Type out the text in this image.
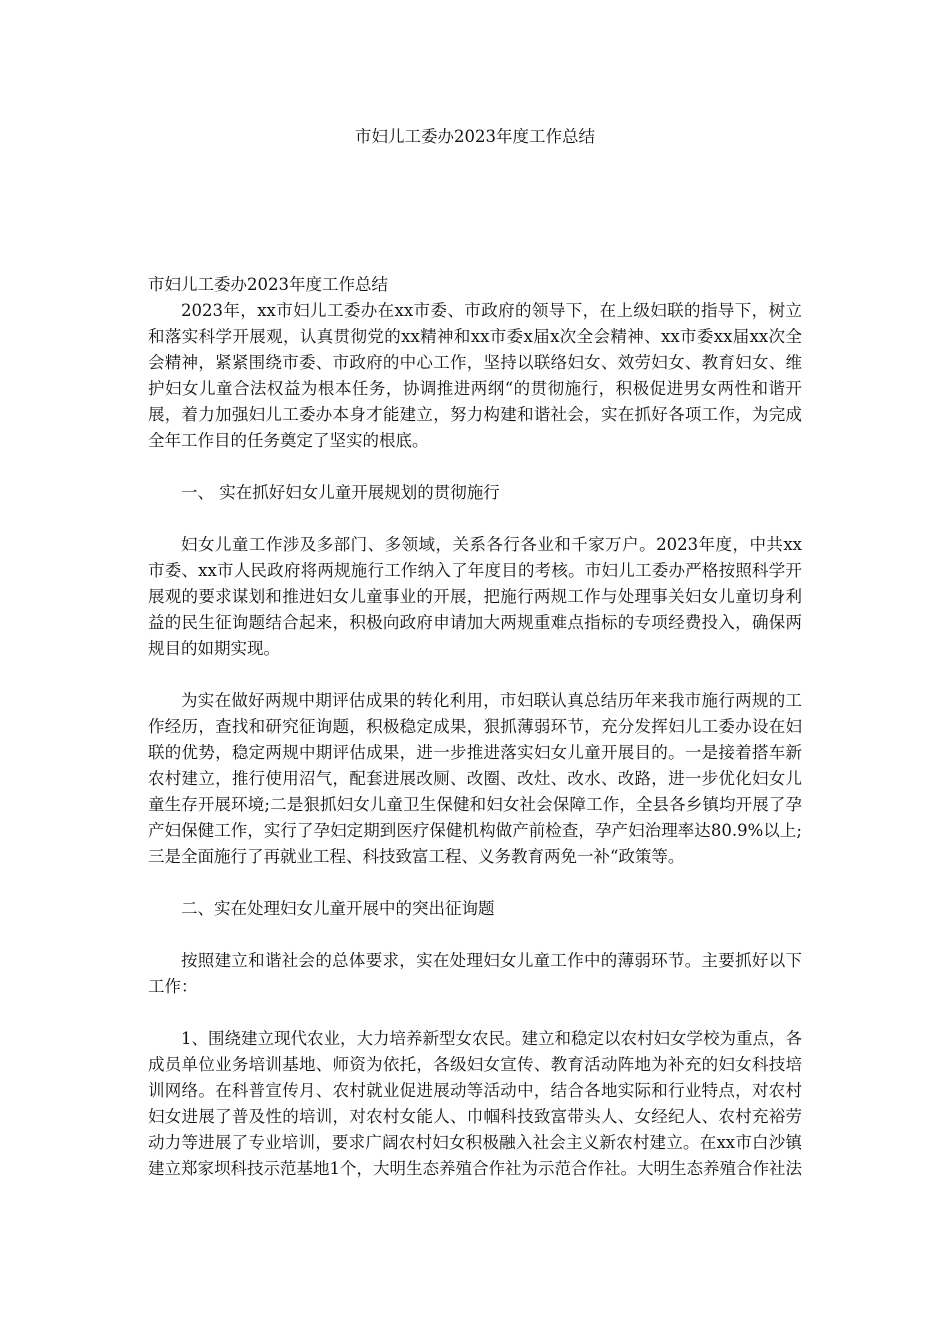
市妇儿工委办2023年度工作总结

市妇儿工委办2023年度工作总结

2023年，xx市妇儿工委办在xx市委、市政府的领导下，在上级妇联的指导下，树立和落实科学开展观，认真贯彻党的xx精神和xx市委x届x次全会精神、xx市委xx届xx次全会精神，紧紧围绕市委、市政府的中心工作，坚持以联络妇女、效劳妇女、教育妇女、维护妇女儿童合法权益为根本任务，协调推进两纲“的贯彻施行，积极促进男女两性和谐开展，着力加强妇儿工委办本身才能建立，努力构建和谐社会，实在抓好各项工作，为完成全年工作目的任务奠定了坚实的根底。

一、 实在抓好妇女儿童开展规划的贯彻施行

妇女儿童工作涉及多部门、多领域，关系各行各业和千家万户。2023年度，中共xx市委、xx市人民政府将两规施行工作纳入了年度目的考核。市妇儿工委办严格按照科学开展观的要求谋划和推进妇女儿童事业的开展，把施行两规工作与处理事关妇女儿童切身利益的民生征询题结合起来，积极向政府申请加大两规重难点指标的专项经费投入，确保两规目的如期实现。

为实在做好两规中期评估成果的转化利用，市妇联认真总结历年来我市施行两规的工作经历，查找和研究征询题，积极稳定成果，狠抓薄弱环节，充分发挥妇儿工委办设在妇联的优势，稳定两规中期评估成果，进一步推进落实妇女儿童开展目的。一是接着搭车新农村建立，推行使用沼气，配套进展改厕、改圈、改灶、改水、改路，进一步优化妇女儿童生存开展环境;二是狠抓妇女儿童卫生保健和妇女社会保障工作，全县各乡镇均开展了孕产妇保健工作，实行了孕妇定期到医疗保健机构做产前检查，孕产妇治理率达80.9%以上;三是全面施行了再就业工程、科技致富工程、义务教育两免一补“政策等。

二、实在处理妇女儿童开展中的突出征询题

按照建立和谐社会的总体要求，实在处理妇女儿童工作中的薄弱环节。主要抓好以下工作：

1、围绕建立现代农业，大力培养新型女农民。建立和稳定以农村妇女学校为重点，各成员单位业务培训基地、师资为依托，各级妇女宣传、教育活动阵地为补充的妇女科技培训网络。在科普宣传月、农村就业促进展动等活动中，结合各地实际和行业特点，对农村妇女进展了普及性的培训，对农村女能人、巾帼科技致富带头人、女经纪人、农村充裕劳动力等进展了专业培训，要求广阔农村妇女积极融入社会主义新农村建立。在xx市白沙镇建立郑家坝科技示范基地1个，大明生态养殖合作社为示范合作社。大明生态养殖合作社法
